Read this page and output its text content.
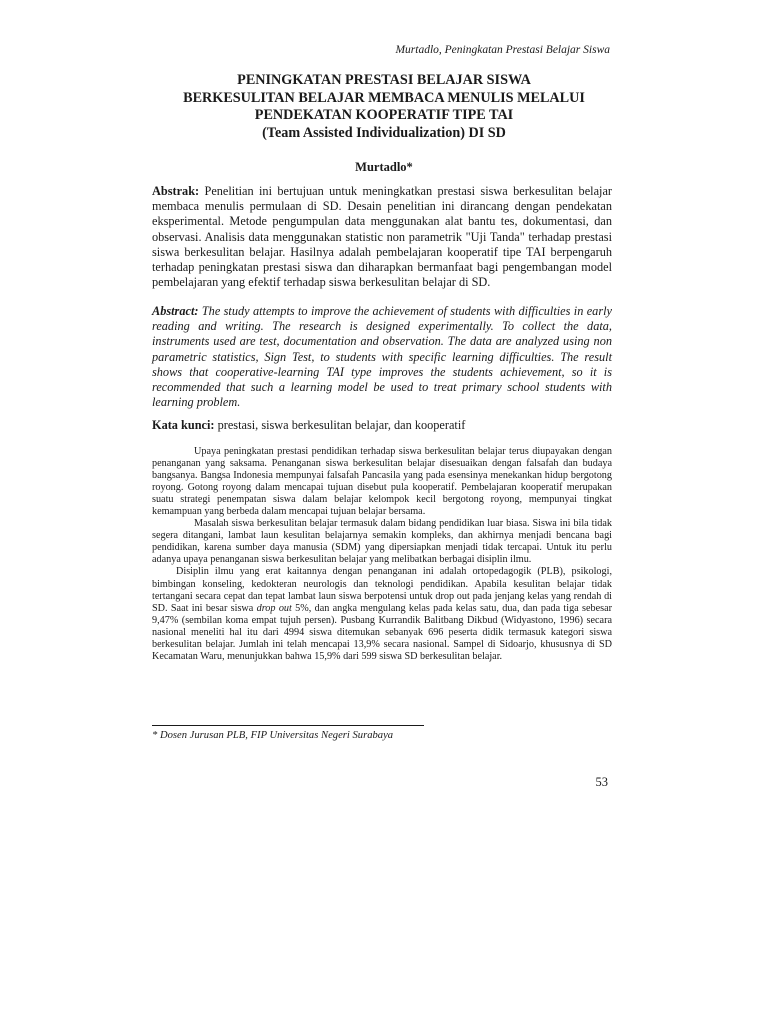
Murtadlo, Peningkatan Prestasi Belajar Siswa
PENINGKATAN PRESTASI BELAJAR SISWA
BERKESULITAN BELAJAR MEMBACA MENULIS MELALUI
PENDEKATAN KOOPERATIF TIPE TAI
(Team Assisted Individualization) DI SD
Murtadlo*
Abstrak: Penelitian ini bertujuan untuk meningkatkan prestasi siswa berkesulitan belajar membaca menulis permulaan di SD. Desain penelitian ini dirancang dengan pendekatan eksperimental. Metode pengumpulan data menggunakan alat bantu tes, dokumentasi, dan observasi. Analisis data menggunakan statistic non parametrik "Uji Tanda" terhadap prestasi siswa berkesulitan belajar. Hasilnya adalah pembelajaran kooperatif tipe TAI berpengaruh terhadap peningkatan prestasi siswa dan diharapkan bermanfaat bagi pengembangan model pembelajaran yang efektif terhadap siswa berkesulitan belajar di SD.
Abstract: The study attempts to improve the achievement of students with difficulties in early reading and writing. The research is designed experimentally. To collect the data, instruments used are test, documentation and observation. The data are analyzed using non parametric statistics, Sign Test, to students with specific learning difficulties. The result shows that cooperative-learning TAI type improves the students achievement, so it is recommended that such a learning model be used to treat primary school students with learning problem.
Kata kunci: prestasi, siswa berkesulitan belajar, dan kooperatif

Upaya peningkatan prestasi pendidikan terhadap siswa berkesulitan belajar terus diupayakan dengan penanganan yang saksama. Penanganan siswa berkesulitan belajar disesuaikan dengan falsafah dan budaya bangsanya. Bangsa Indonesia mempunyai falsafah Pancasila yang pada esensinya menekankan hidup bergotong royong. Gotong royong dalam mencapai tujuan disebut pula kooperatif. Pembelajaran kooperatif merupakan suatu strategi penempatan siswa dalam belajar kelompok kecil bergotong royong, mempunyai tingkat kemampuan yang berbeda dalam mencapai tujuan belajar bersama.

Masalah siswa berkesulitan belajar termasuk dalam bidang pendidikan luar biasa. Siswa ini bila tidak segera ditangani, lambat laun kesulitan belajarnya semakin kompleks, dan akhirnya menjadi bencana bagi pendidikan, karena sumber daya manusia (SDM) yang dipersiapkan menjadi tidak tercapai. Untuk itu perlu adanya upaya penanganan siswa berkesulitan belajar yang melibatkan berbagai disiplin ilmu.

Disiplin ilmu yang erat kaitannya dengan penanganan ini adalah ortopedagogik (PLB), psikologi, bimbingan konseling, kedokteran neurologis dan teknologi pendidikan. Apabila kesulitan belajar tidak tertangani secara cepat dan tepat lambat laun siswa berpotensi untuk drop out pada jenjang kelas yang rendah di SD. Saat ini besar siswa drop out 5%, dan angka mengulang kelas pada kelas satu, dua, dan pada tiga sebesar 9,47% (sembilan koma empat tujuh persen). Pusbang Kurrandik Balitbang Dikbud (Widyastono, 1996) secara nasional meneliti hal itu dari 4994 siswa ditemukan sebanyak 696 peserta didik termasuk kategori siswa berkesulitan belajar. Jumlah ini telah mencapai 13,9% secara nasional. Sampel di Sidoarjo, khususnya di SD Kecamatan Waru, menunjukkan bahwa 15,9% dari 599 siswa SD berkesulitan belajar.

* Dosen Jurusan PLB, FIP Universitas Negeri Surabaya
53
